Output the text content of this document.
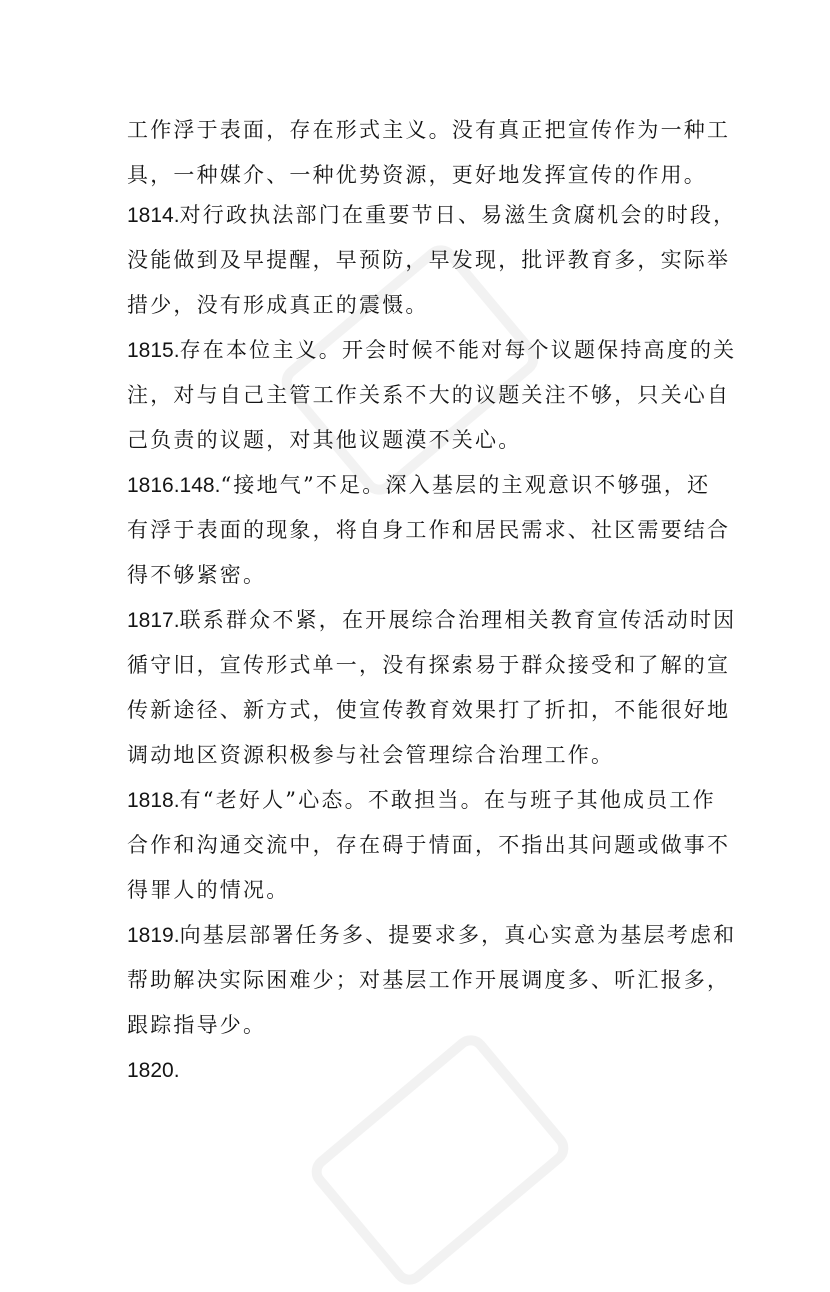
工作浮于表面，存在形式主义。没有真正把宣传作为一种工
具，一种媒介、一种优势资源，更好地发挥宣传的作用。
1814.对行政执法部门在重要节日、易滋生贪腐机会的时段，
没能做到及早提醒，早预防，早发现，批评教育多，实际举
措少，没有形成真正的震慑。
1815.存在本位主义。开会时候不能对每个议题保持高度的关
注，对与自己主管工作关系不大的议题关注不够，只关心自
己负责的议题，对其他议题漠不关心。
1816.148.“接地气”不足。深入基层的主观意识不够强，还
有浮于表面的现象，将自身工作和居民需求、社区需要结合
得不够紧密。
1817.联系群众不紧，在开展综合治理相关教育宣传活动时因
循守旧，宣传形式单一，没有探索易于群众接受和了解的宣
传新途径、新方式，使宣传教育效果打了折扣，不能很好地
调动地区资源积极参与社会管理综合治理工作。
1818.有“老好人”心态。不敢担当。在与班子其他成员工作
合作和沟通交流中，存在碍于情面，不指出其问题或做事不
得罪人的情况。
1819.向基层部署任务多、提要求多，真心实意为基层考虑和
帮助解决实际困难少；对基层工作开展调度多、听汇报多，
跟踪指导少。
1820.
